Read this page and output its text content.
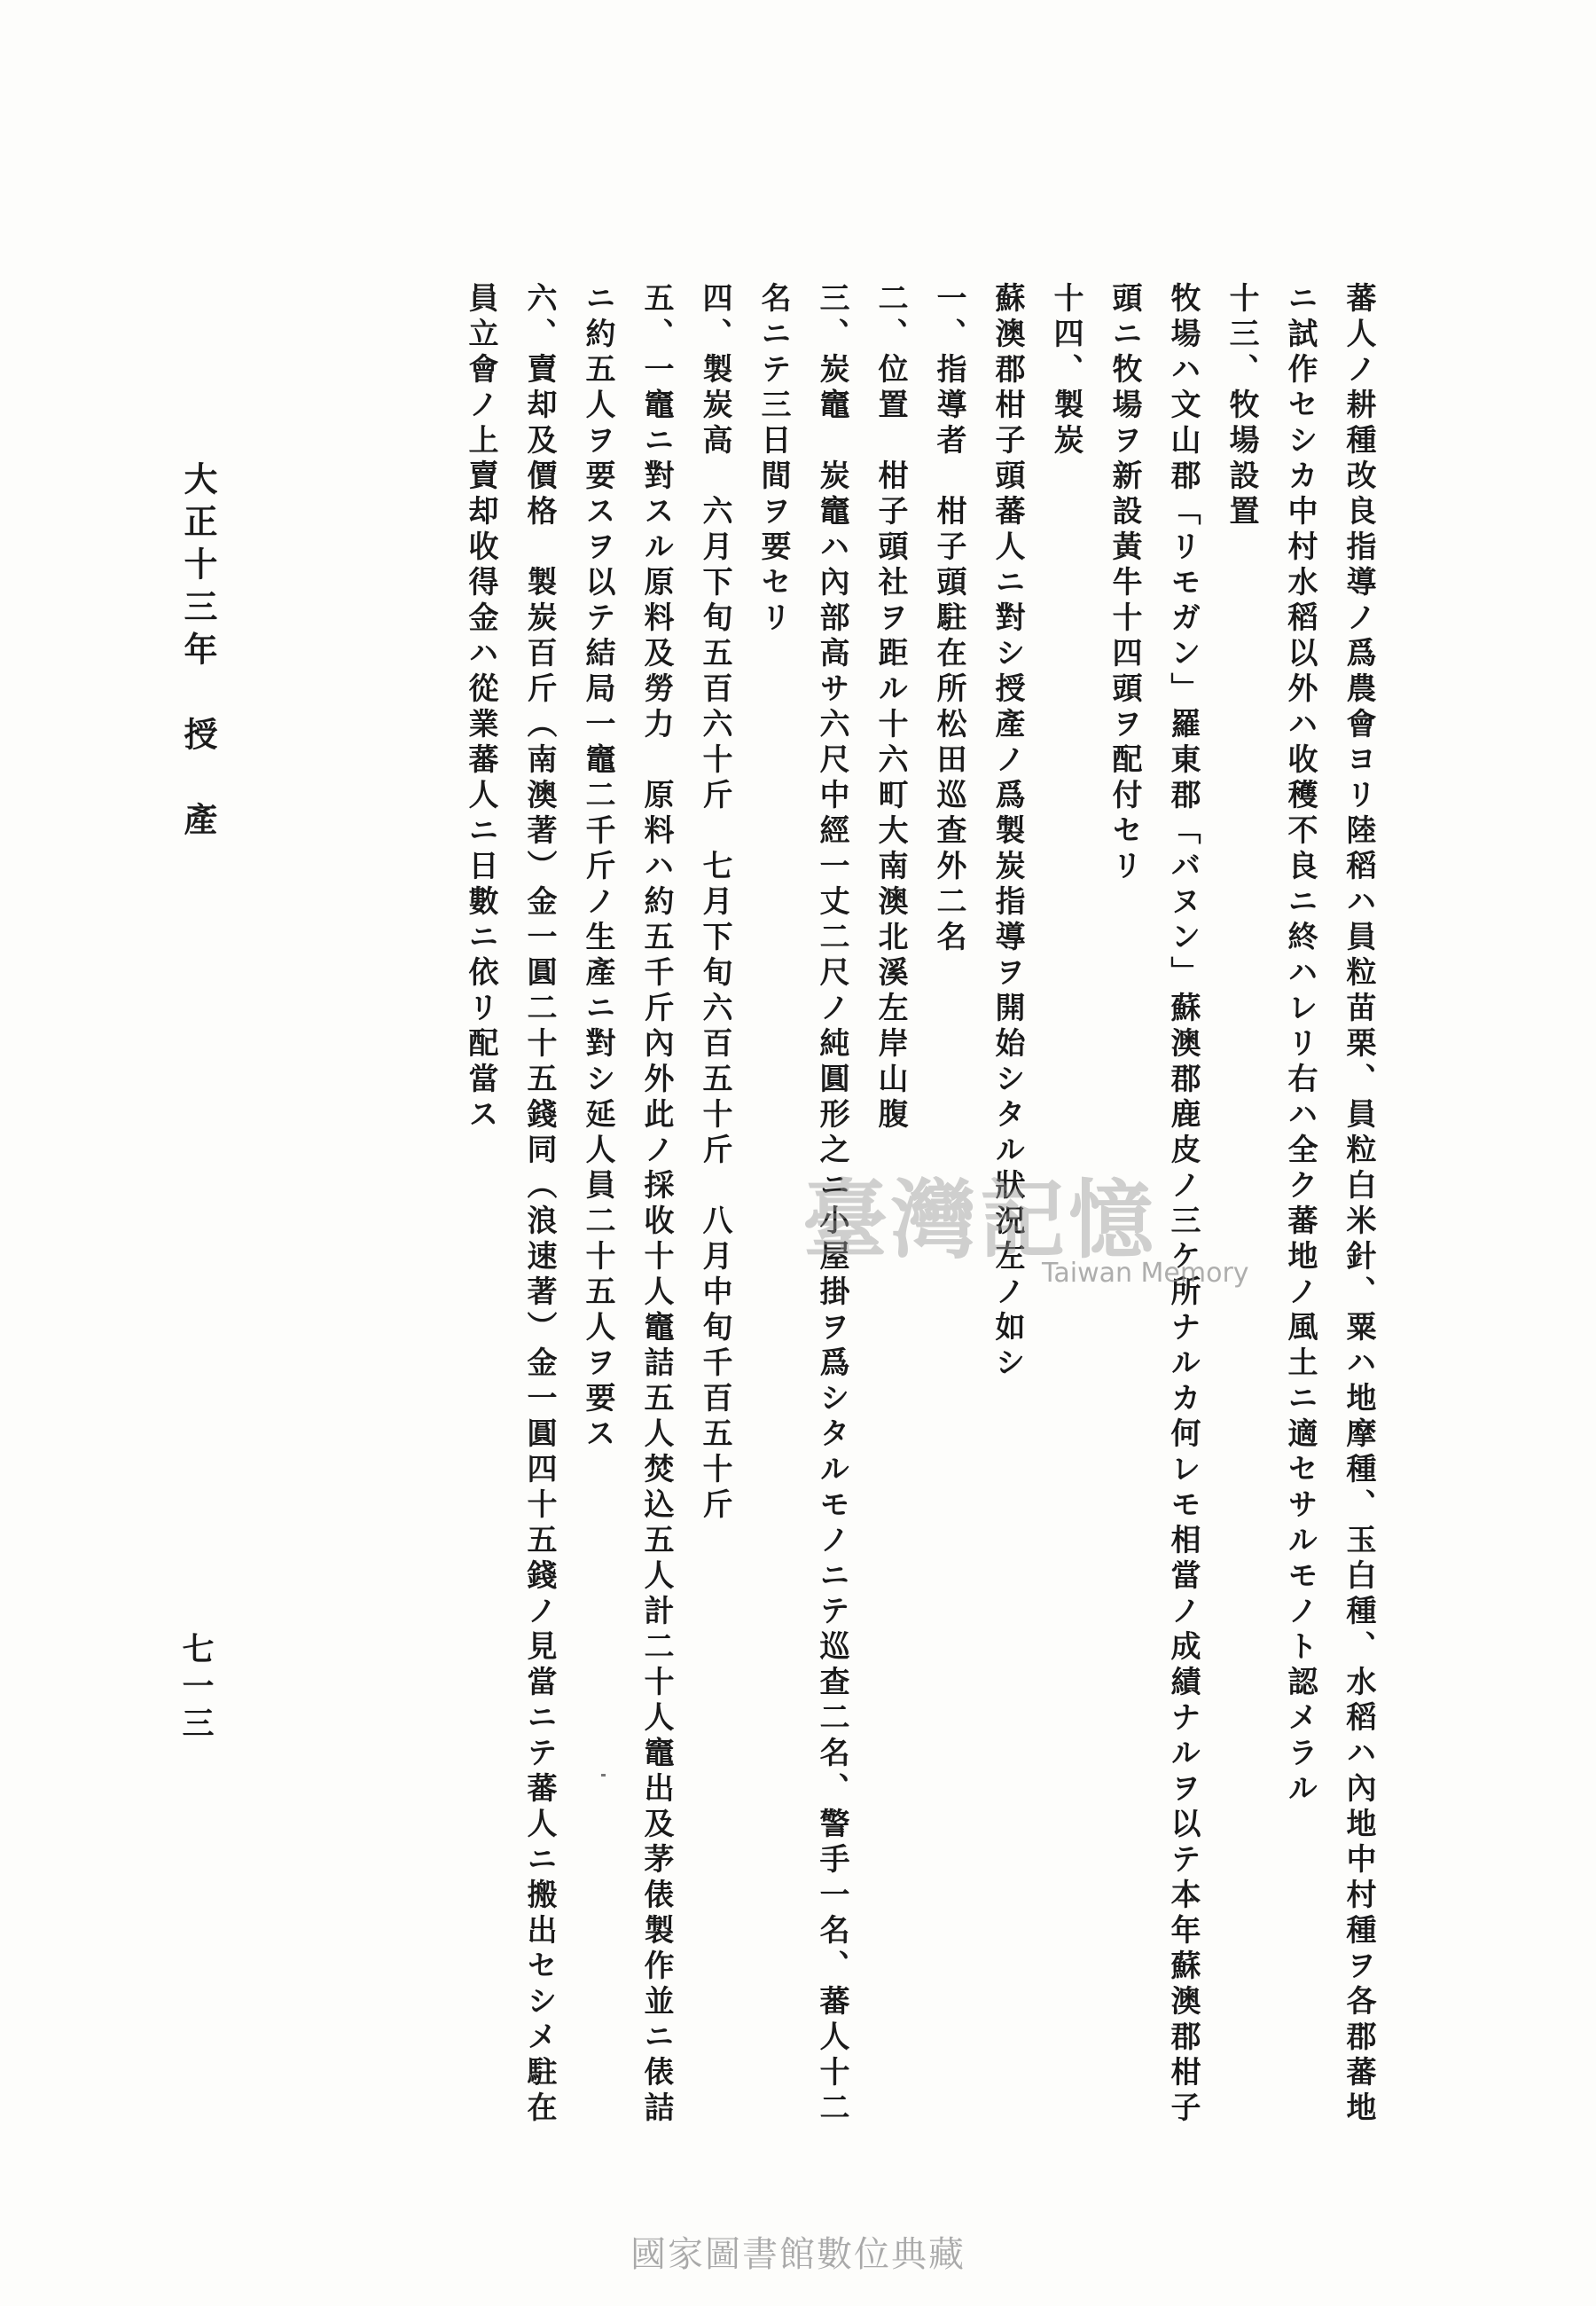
蕃人ノ耕種改良指導ノ爲農會ヨリ陸稻ハ員粒苗栗、員粒白米針、粟ハ地摩種、玉白種、水稻ハ內地中村種ヲ各郡蕃地
ニ試作セシカ中村水稻以外ハ收穫不良ニ終ハレリ右ハ全ク蕃地ノ風土ニ適セサルモノト認メラル
十三、牧場設置
牧場ハ文山郡「リモガン」羅東郡「バヌン」蘇澳郡鹿皮ノ三ケ所ナルカ何レモ相當ノ成績ナルヲ以テ本年蘇澳郡柑子
頭ニ牧場ヲ新設黃牛十四頭ヲ配付セリ
十四、製炭
蘇澳郡柑子頭蕃人ニ對シ授產ノ爲製炭指導ヲ開始シタル狀況左ノ如シ
一、指導者　柑子頭駐在所松田巡查外二名
二、位置　柑子頭社ヲ距ル十六町大南澳北溪左岸山腹
三、炭竈　炭竈ハ內部高サ六尺中經一丈二尺ノ純圓形之ニ小屋掛ヲ爲シタルモノニテ巡查二名、警手一名、蕃人十二
名ニテ三日間ヲ要セリ
四、製炭高　六月下旬五百六十斤　七月下旬六百五十斤　八月中旬千百五十斤
五、一竈ニ對スル原料及勞力　原料ハ約五千斤內外此ノ採收十人竈詰五人焚込五人計二十人竈出及茅俵製作並ニ俵詰
ニ約五人ヲ要スヲ以テ結局一竈二千斤ノ生產ニ對シ延人員二十五人ヲ要ス
六、賣却及價格　製炭百斤（南澳著）金一圓二十五錢同（浪速著）金一圓四十五錢ノ見當ニテ蕃人ニ搬出セシメ駐在
員立會ノ上賣却收得金ハ從業蕃人ニ日數ニ依リ配當ス
大正十三年　授　產
七一三
臺灣記憶
Taiwan Memory
國家圖書館數位典藏
